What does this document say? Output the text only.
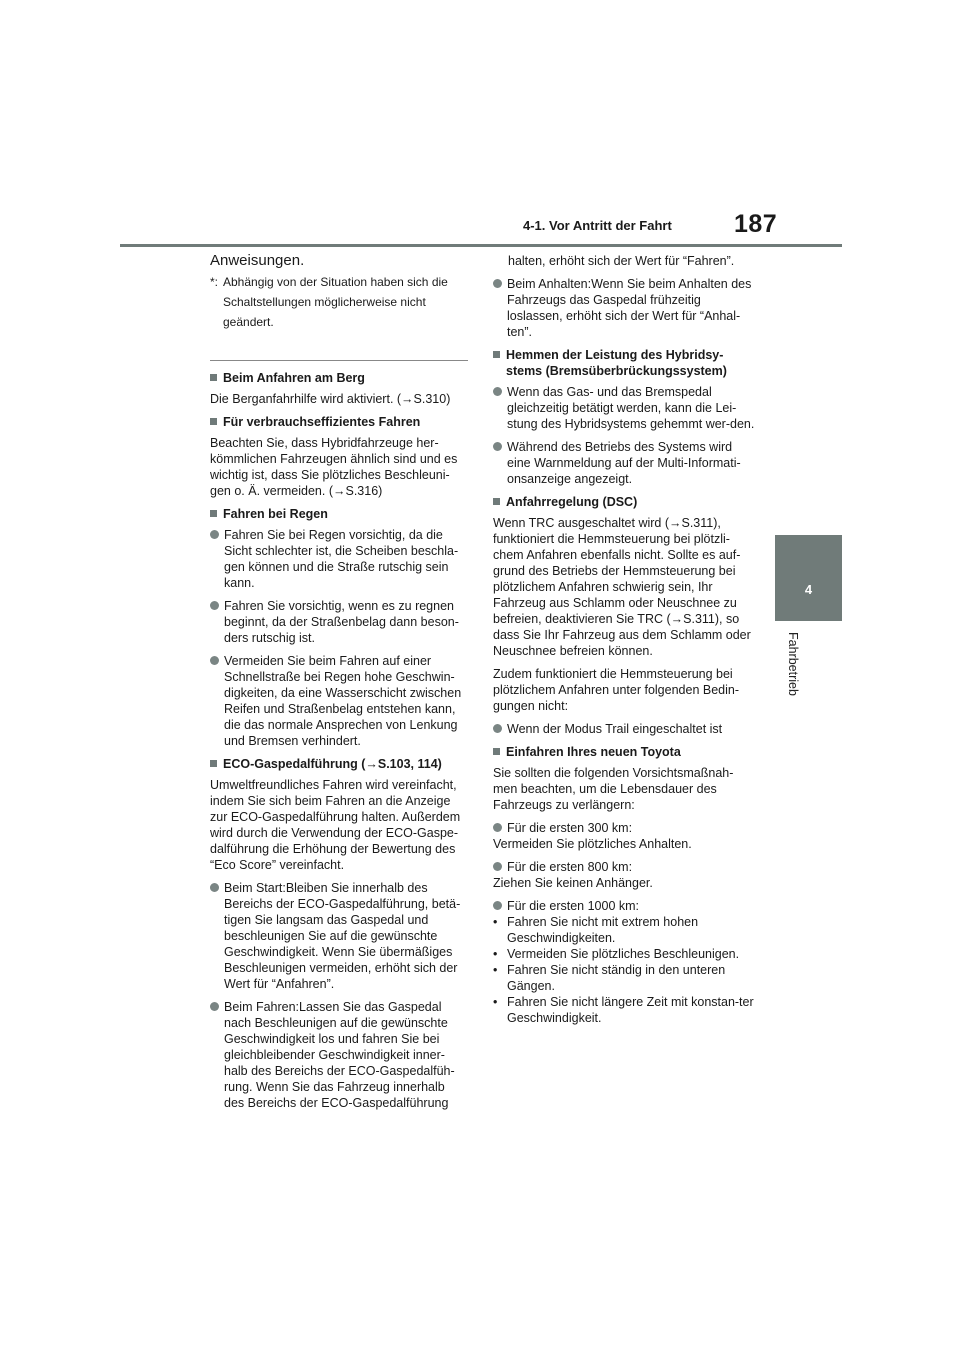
4-1. Vor Antritt der Fahrt 187
4
Fahrbetrieb

Anweisungen.

*: Abhängig von der Situation haben sich die Schaltstellungen möglicherweise nicht geändert.
Beim Anfahren am Berg

Die Berganfahrhilfe wird aktiviert. (→S.310)

Für verbrauchseffizientes Fahren

Beachten Sie, dass Hybridfahrzeuge her-kömmlichen Fahrzeugen ähnlich sind und es wichtig ist, dass Sie plötzliches Beschleuni-gen o. Ä. vermeiden. (→S.316)

Fahren bei Regen

Fahren Sie bei Regen vorsichtig, da die Sicht schlechter ist, die Scheiben beschla-gen können und die Straße rutschig sein kann.

Fahren Sie vorsichtig, wenn es zu regnen beginnt, da der Straßenbelag dann beson-ders rutschig ist.

Vermeiden Sie beim Fahren auf einer Schnellstraße bei Regen hohe Geschwin-digkeiten, da eine Wasserschicht zwischen Reifen und Straßenbelag entstehen kann, die das normale Ansprechen von Lenkung und Bremsen verhindert.

ECO-Gaspedalführung (→S.103, 114)

Umweltfreundliches Fahren wird vereinfacht, indem Sie sich beim Fahren an die Anzeige zur ECO-Gaspedalführung halten. Außerdem wird durch die Verwendung der ECO-Gaspe-dalführung die Erhöhung der Bewertung des “Eco Score” vereinfacht.

Beim Start:Bleiben Sie innerhalb des Bereichs der ECO-Gaspedalführung, betä-tigen Sie langsam das Gaspedal und beschleunigen Sie auf die gewünschte Geschwindigkeit. Wenn Sie übermäßiges Beschleunigen vermeiden, erhöht sich der Wert für “Anfahren”.

Beim Fahren:Lassen Sie das Gaspedal nach Beschleunigen auf die gewünschte Geschwindigkeit los und fahren Sie bei gleichbleibender Geschwindigkeit inner-halb des Bereichs der ECO-Gaspedalfüh-rung. Wenn Sie das Fahrzeug innerhalb des Bereichs der ECO-Gaspedalführung

halten, erhöht sich der Wert für “Fahren”.

Beim Anhalten:Wenn Sie beim Anhalten des Fahrzeugs das Gaspedal frühzeitig loslassen, erhöht sich der Wert für “Anhal-ten”.

Hemmen der Leistung des Hybridsy-stems (Bremsüberbrückungssystem)

Wenn das Gas- und das Bremspedal gleichzeitig betätigt werden, kann die Lei-stung des Hybridsystems gehemmt wer-den.

Während des Betriebs des Systems wird eine Warnmeldung auf der Multi-Informati-onsanzeige angezeigt.

Anfahrregelung (DSC)

Wenn TRC ausgeschaltet wird (→S.311), funktioniert die Hemmsteuerung bei plötzli-chem Anfahren ebenfalls nicht. Sollte es auf-grund des Betriebs der Hemmsteuerung bei plötzlichem Anfahren schwierig sein, Ihr Fahrzeug aus Schlamm oder Neuschnee zu befreien, deaktivieren Sie TRC (→S.311), so dass Sie Ihr Fahrzeug aus dem Schlamm oder Neuschnee befreien können.

Zudem funktioniert die Hemmsteuerung bei plötzlichem Anfahren unter folgenden Bedin-gungen nicht:

Wenn der Modus Trail eingeschaltet ist

Einfahren Ihres neuen Toyota

Sie sollten die folgenden Vorsichtsmaßnah-men beachten, um die Lebensdauer des Fahrzeugs zu verlängern:

Für die ersten 300 km:

Vermeiden Sie plötzliches Anhalten.

Für die ersten 800 km:

Ziehen Sie keinen Anhänger.

Für die ersten 1000 km:

• Fahren Sie nicht mit extrem hohen Geschwindigkeiten.
• Vermeiden Sie plötzliches Beschleunigen.
• Fahren Sie nicht ständig in den unteren Gängen.
• Fahren Sie nicht längere Zeit mit konstan-ter Geschwindigkeit.
